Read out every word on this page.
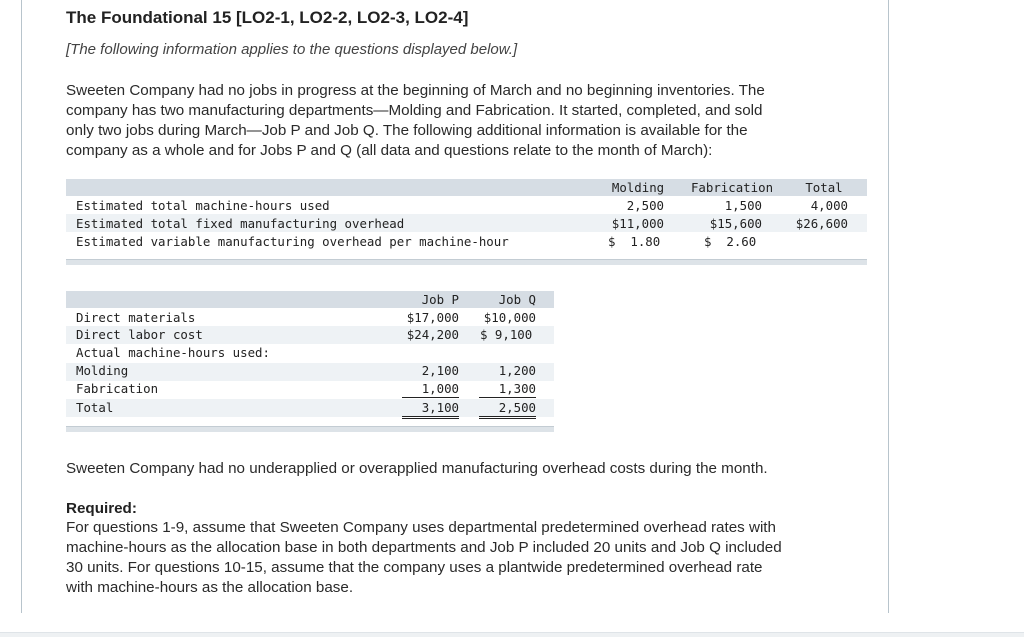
The Foundational 15 [LO2-1, LO2-2, LO2-3, LO2-4]
[The following information applies to the questions displayed below.]
Sweeten Company had no jobs in progress at the beginning of March and no beginning inventories. The
company has two manufacturing departments—Molding and Fabrication. It started, completed, and sold
only two jobs during March—Job P and Job Q. The following additional information is available for the
company as a whole and for Jobs P and Q (all data and questions relate to the month of March):
Molding	Fabrication	Total
Estimated total machine-hours used	2,500	1,500	4,000
Estimated total fixed manufacturing overhead	$11,000	$15,600	$26,600
Estimated variable manufacturing overhead per machine-hour	$  1.80	$  2.60
Job P	Job Q
Direct materials	$17,000	$10,000
Direct labor cost	$24,200 $ 9,100
Actual machine-hours used:
Molding	2,100	1,200
Fabrication	1,000	1,300
Total	3,100	2,500
Sweeten Company had no underapplied or overapplied manufacturing overhead costs during the month.
Required:
For questions 1-9, assume that Sweeten Company uses departmental predetermined overhead rates with
machine-hours as the allocation base in both departments and Job P included 20 units and Job Q included
30 units. For questions 10-15, assume that the company uses a plantwide predetermined overhead rate
with machine-hours as the allocation base.
